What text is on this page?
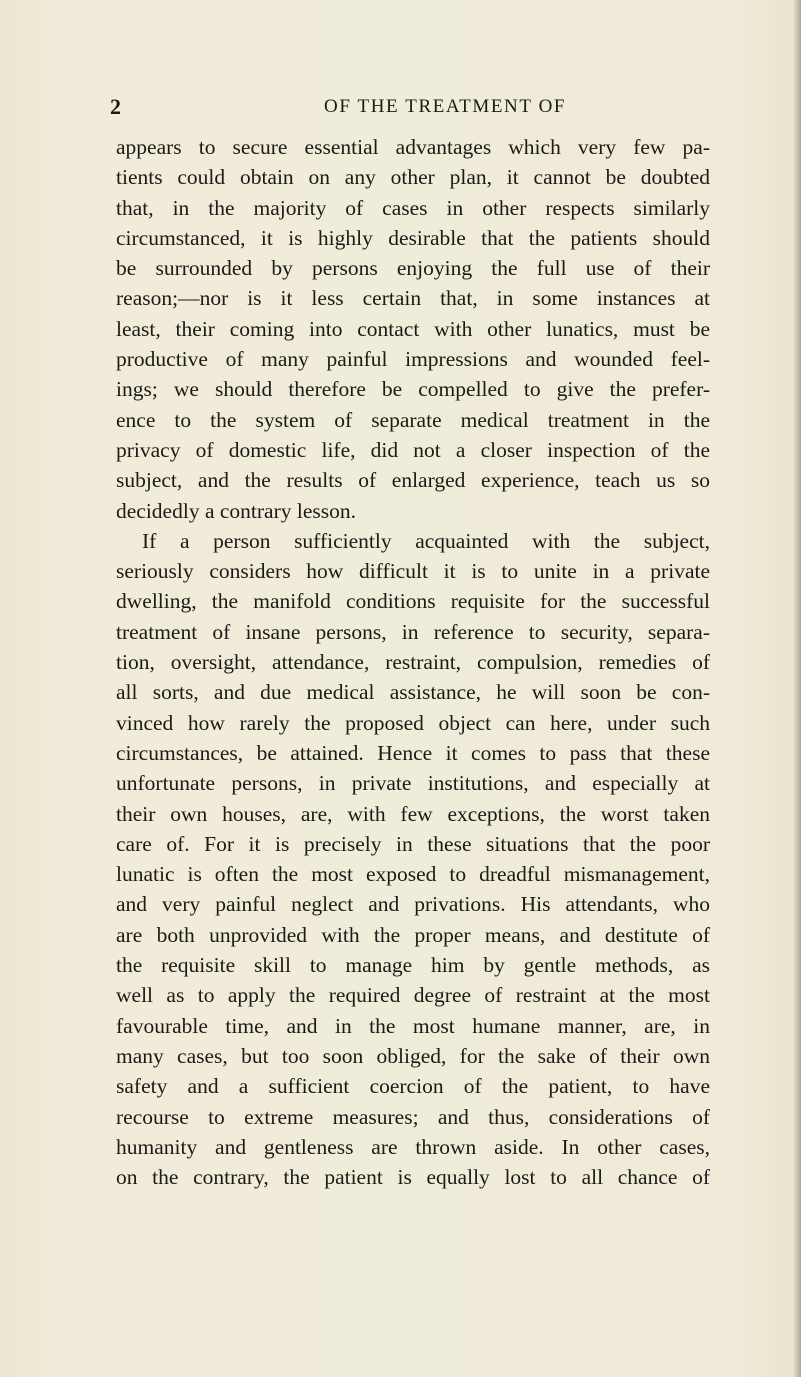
2	OF THE TREATMENT OF
appears to secure essential advantages which very few pa-
tients could obtain on any other plan, it cannot be doubted
that, in the majority of cases in other respects similarly
circumstanced, it is highly desirable that the patients should
be surrounded by persons enjoying the full use of their
reason;—nor is it less certain that, in some instances at
least, their coming into contact with other lunatics, must be
productive of many painful impressions and wounded feel-
ings; we should therefore be compelled to give the prefer-
ence to the system of separate medical treatment in the
privacy of domestic life, did not a closer inspection of the
subject, and the results of enlarged experience, teach us so
decidedly a contrary lesson.
If a person sufficiently acquainted with the subject,
seriously considers how difficult it is to unite in a private
dwelling, the manifold conditions requisite for the successful
treatment of insane persons, in reference to security, separa-
tion, oversight, attendance, restraint, compulsion, remedies of
all sorts, and due medical assistance, he will soon be con-
vinced how rarely the proposed object can here, under such
circumstances, be attained. Hence it comes to pass that these
unfortunate persons, in private institutions, and especially at
their own houses, are, with few exceptions, the worst taken
care of. For it is precisely in these situations that the poor
lunatic is often the most exposed to dreadful mismanagement,
and very painful neglect and privations. His attendants, who
are both unprovided with the proper means, and destitute of
the requisite skill to manage him by gentle methods, as
well as to apply the required degree of restraint at the most
favourable time, and in the most humane manner, are, in
many cases, but too soon obliged, for the sake of their own
safety and a sufficient coercion of the patient, to have
recourse to extreme measures; and thus, considerations of
humanity and gentleness are thrown aside. In other cases,
on the contrary, the patient is equally lost to all chance of
